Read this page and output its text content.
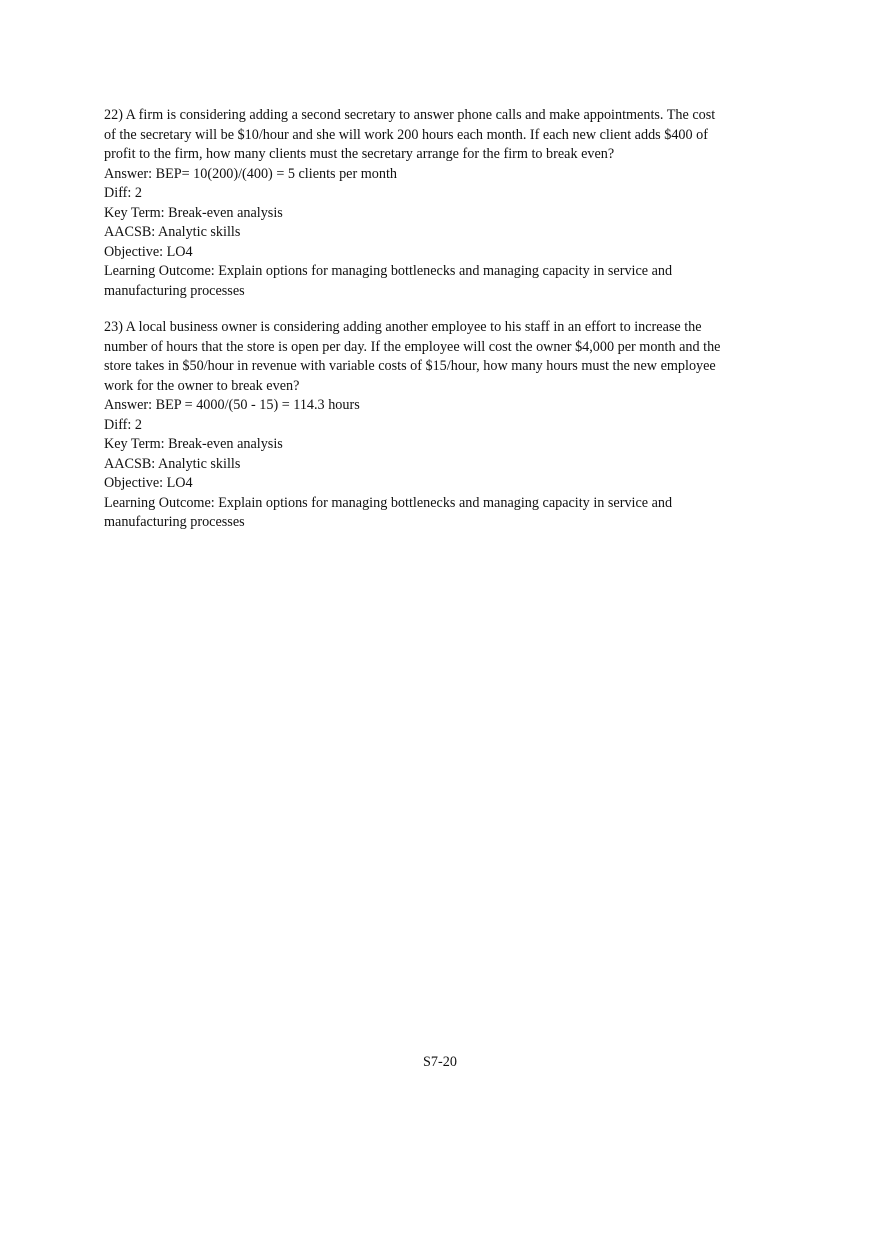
22) A firm is considering adding a second secretary to answer phone calls and make appointments. The cost of the secretary will be $10/hour and she will work 200 hours each month. If each new client adds $400 of profit to the firm, how many clients must the secretary arrange for the firm to break even?
Answer: BEP= 10(200)/(400) = 5 clients per month
Diff: 2
Key Term: Break-even analysis
AACSB: Analytic skills
Objective: LO4
Learning Outcome: Explain options for managing bottlenecks and managing capacity in service and manufacturing processes
23) A local business owner is considering adding another employee to his staff in an effort to increase the number of hours that the store is open per day. If the employee will cost the owner $4,000 per month and the store takes in $50/hour in revenue with variable costs of $15/hour, how many hours must the new employee work for the owner to break even?
Answer: BEP = 4000/(50 - 15) = 114.3 hours
Diff: 2
Key Term: Break-even analysis
AACSB: Analytic skills
Objective: LO4
Learning Outcome: Explain options for managing bottlenecks and managing capacity in service and manufacturing processes
S7-20
